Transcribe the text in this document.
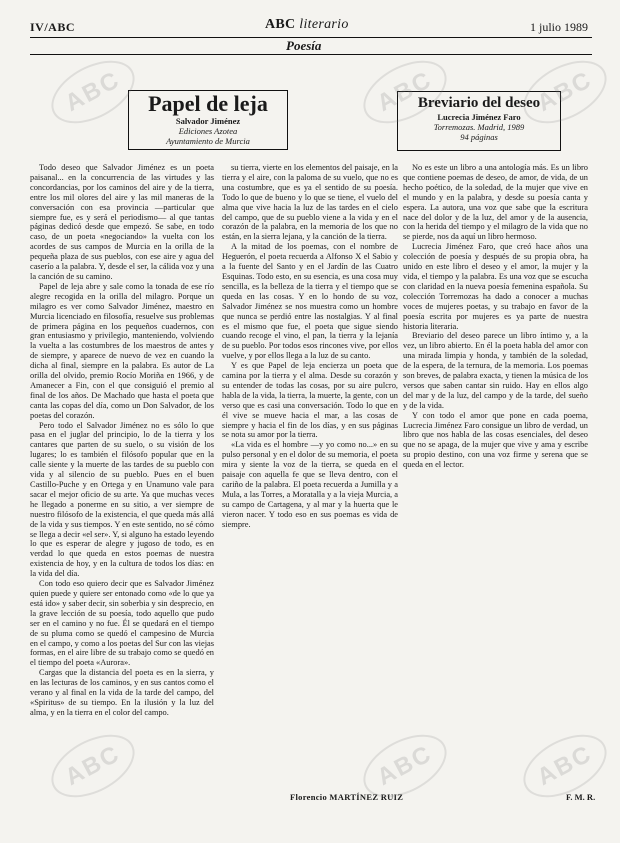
IV/ABC	ABC literario	1 julio 1989
Poesía
Papel de leja
Salvador Jiménez
Ediciones Azotea
Ayuntamiento de Murcia
Breviario del deseo
Lucrecia Jiménez Faro
Torremozas. Madrid, 1989
94 páginas

Todo deseo que Salvador Jiménez es un poeta paisanal... en la concurrencia de las virtudes y las concordancias, por los caminos del aire y de la tierra, entre los mil olores del aire y las mil maneras de la conversación con esa provincia —particular que siempre fue, es y será el periodismo— al que tantas páginas dedicó desde que empezó. Se sabe, en todo caso, de un poeta «negociando» la vuelta con los acordes de sus campos de Murcia en la orilla de la pequeña plaza de sus pueblos, con ese aire y agua del caserío a la palabra. Y, desde el ser, la cálida voz y una la canción de su camino.

Papel de leja abre y sale como la tonada de ese río alegre recogida en la orilla del milagro. Porque un milagro es ver como Salvador Jiménez, maestro en Murcia licenciado en filosofía, resuelve sus problemas de primera página en los pequeños cuadernos, con gran entusiasmo y privilegio, manteniendo, volviendo la vuelta a las costumbres de los maestros de antes y de siempre, y aparece de nuevo de vez en cuando la dicha al final, siempre en la palabra. Es autor de La orilla del olvido, premio Rocío Moriña en 1966, y de Amanecer a Fin, con el que consiguió el premio al final de los años. De Machado que hasta el poeta que canta las copas del día, como un Don Salvador, de los poetas del corazón.

Pero todo el Salvador Jiménez no es sólo lo que pasa en el juglar del principio, lo de la tierra y los cantares que parten de su suelo, o su visión de los lugares; lo es también el filósofo popular que en la calle siente y la muerte de las tardes de su pueblo con vida y al silencio de su pueblo. Pues en el buen Castillo-Puche y en Ortega y en Unamuno vale para sacar el mejor oficio de su arte. Ya que muchas veces he llegado a ponerme en su sitio, a ver siempre de nuestro filósofo de la existencia, el que queda más allá de la vida y sus tiempos. Y en este sentido, no sé cómo se llega a decir «el ser». Y, si alguno ha estado leyendo lo que es esperar de alegre y jugoso de todo, es en verdad lo que queda en estos poemas de nuestra existencia de hoy, y en la cultura de todos los días: en la vida del día.

Con todo eso quiero decir que es Salvador Jiménez quien puede y quiere ser entonado como «de lo que ya está ido» y saber decir, sin soberbia y sin desprecio, en la grave lección de su poesía, todo aquello que pudo ser en el camino y no fue. Él se quedará en el tiempo de su pluma como se quedó el campesino de Murcia en el campo, y como a los poetas del Sur con las viejas formas, en el aire libre de su trabajo como se quedó en el tiempo del poeta «Aurora».

Cargas que la distancia del poeta es en la sierra, y en las lecturas de los caminos, y en sus cantos como el verano y al final en la vida de la tarde del campo, del «Spiritus» de su tiempo. En la ilusión y la luz del alma, y en la tierra en el color del campo.

su tierra, vierte en los elementos del paisaje, en la tierra y el aire, con la paloma de su vuelo, que no es una costumbre, que es ya el sentido de su poesía. Todo lo que de bueno y lo que se tiene, el vuelo del alma que vive hacia la luz de las tardes en el cielo del campo, que de su pueblo viene a la vida y en el corazón de la palabra, en la memoria de los que no están, en la sierra lejana, y la canción de la tierra.

A la mitad de los poemas, con el nombre de Heguerón, el poeta recuerda a Alfonso X el Sabio y a la fuente del Santo y en el Jardín de las Cuatro Esquinas. Todo esto, en su esencia, es una cosa muy sencilla, es la belleza de la tierra y el tiempo que se queda en las cosas. Y en lo hondo de su voz, Salvador Jiménez se nos muestra como un hombre que nunca se perdió entre las nostalgias. Y al final es el mismo que fue, el poeta que sigue siendo cuando recoge el vino, el pan, la tierra y la lejanía de su pueblo. Por todos esos rincones vive, por ellos vuelve, y por ellos llega a la luz de su canto.

Y es que Papel de leja encierza un poeta que camina por la tierra y el alma. Desde su corazón y su entender de todas las cosas, por su aire pulcro, habla de la vida, la tierra, la muerte, la gente, con un verso que es casi una conversación. Todo lo que en él vive se mueve hacia el mar, a las cosas de siempre y hacia el fin de los días, y en sus páginas se nota su amor por la tierra.

«La vida es el hombre —y yo como no...» en su pulso personal y en el dolor de su memoria, el poeta mira y siente la voz de la tierra, se queda en el paisaje con aquella fe que se lleva dentro, con el cariño de la palabra. El poeta recuerda a Jumilla y a Mula, a las Torres, a Moratalla y a la vieja Murcia, a su campo de Cartagena, y al mar y la huerta que le vieron nacer. Y todo eso en sus poemas es vida de siempre.

No es este un libro a una antología más. Es un libro que contiene poemas de deseo, de amor, de vida, de un hecho poético, de la soledad, de la mujer que vive en el mundo y en la palabra, y desde su poesía canta y espera. La autora, una voz que sabe que la escritura nace del dolor y de la luz, del amor y de la ausencia, con la herida del tiempo y el milagro de la vida que no se pierde, nos da aquí un libro hermoso.

Lucrecia Jiménez Faro, que creó hace años una colección de poesía y después de su propia obra, ha unido en este libro el deseo y el amor, la mujer y la vida, el tiempo y la palabra. Es una voz que se escucha con claridad en la nueva poesía femenina española. Su colección Torremozas ha dado a conocer a muchas voces de mujeres poetas, y su trabajo en favor de la poesía escrita por mujeres es ya parte de nuestra historia literaria.

Breviario del deseo parece un libro íntimo y, a la vez, un libro abierto. En él la poeta habla del amor con una mirada limpia y honda, y también de la soledad, de la espera, de la ternura, de la memoria. Los poemas son breves, de palabra exacta, y tienen la música de los versos que saben cantar sin ruido. Hay en ellos algo del mar y de la luz, del campo y de la tarde, del sueño y de la vida.

Y con todo el amor que pone en cada poema, Lucrecia Jiménez Faro consigue un libro de verdad, un libro que nos habla de las cosas esenciales, del deseo que no se apaga, de la mujer que vive y ama y escribe su propio destino, con una voz firme y serena que se queda en el lector.

Florencio MARTÍNEZ RUIZ	F. M. R.
ABC	ABC	ABC
ABC	ABC	ABC
